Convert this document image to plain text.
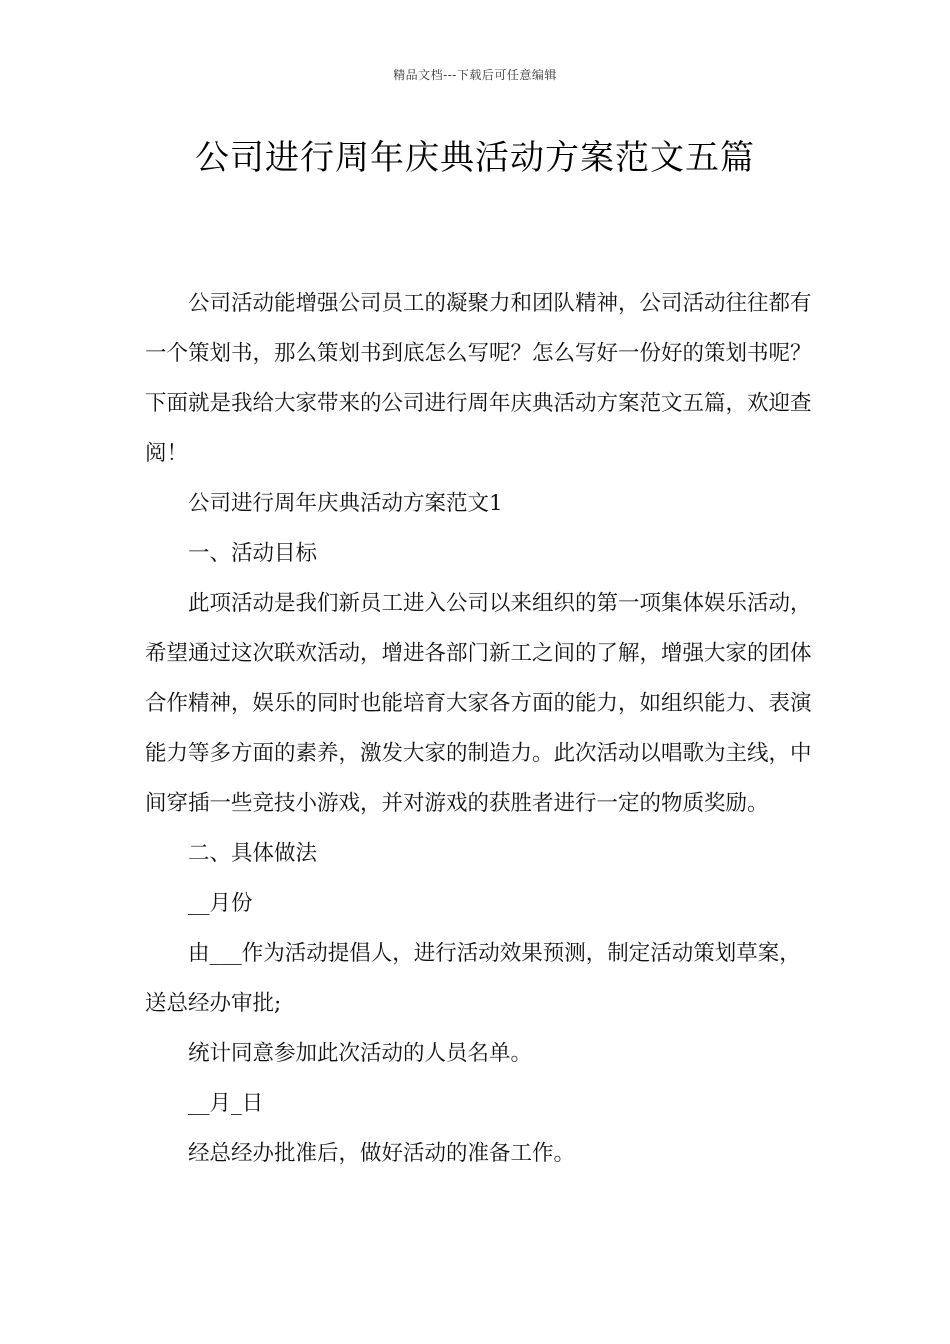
精品文档---下载后可任意编辑
公司进行周年庆典活动方案范文五篇

公司活动能增强公司员工的凝聚力和团队精神，公司活动往往都有一个策划书，那么策划书到底怎么写呢？怎么写好一份好的策划书呢？下面就是我给大家带来的公司进行周年庆典活动方案范文五篇，欢迎查阅！

公司进行周年庆典活动方案范文1

一、活动目标

此项活动是我们新员工进入公司以来组织的第一项集体娱乐活动，希望通过这次联欢活动，增进各部门新工之间的了解，增强大家的团体合作精神，娱乐的同时也能培育大家各方面的能力，如组织能力、表演能力等多方面的素养，激发大家的制造力。此次活动以唱歌为主线，中间穿插一些竞技小游戏，并对游戏的获胜者进行一定的物质奖励。

二、具体做法

__月份

由___作为活动提倡人，进行活动效果预测，制定活动策划草案，送总经办审批;

统计同意参加此次活动的人员名单。

__月_日

经总经办批准后，做好活动的准备工作。
